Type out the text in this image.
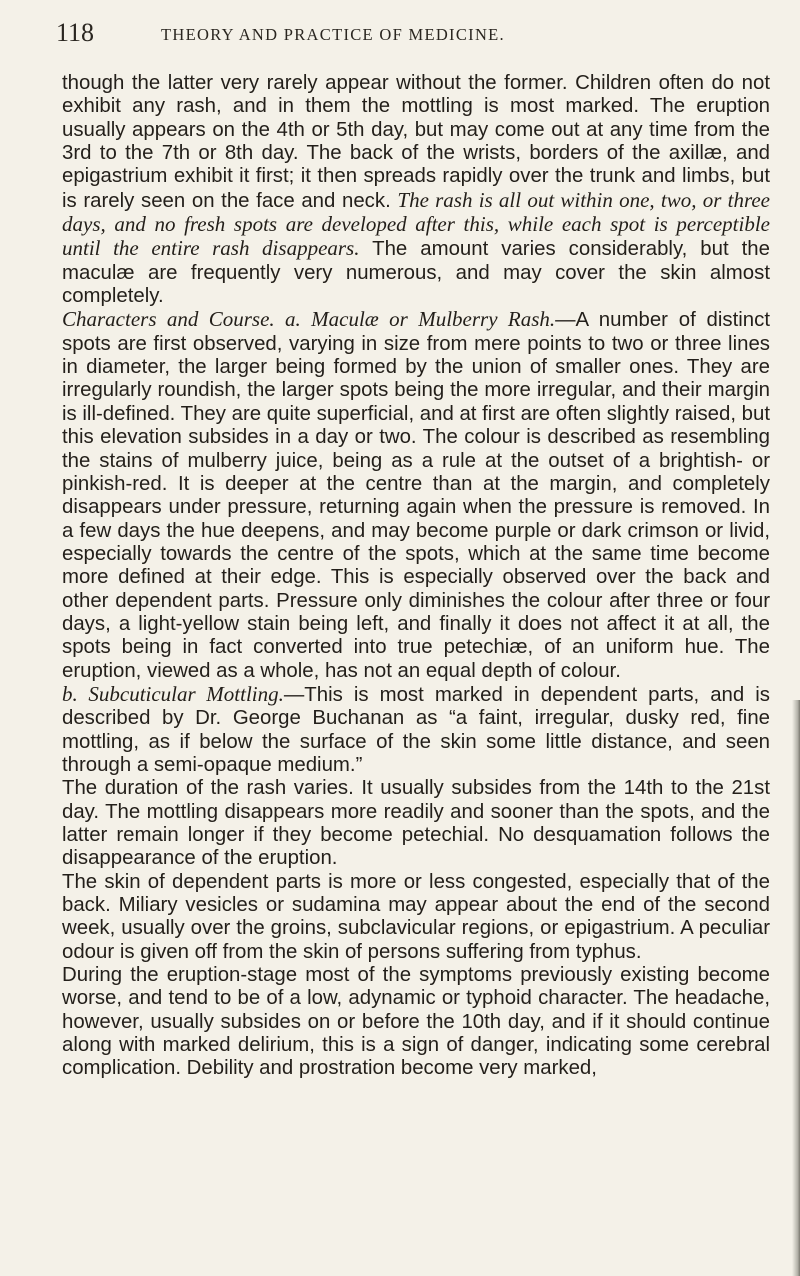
118	THEORY AND PRACTICE OF MEDICINE.

though the latter very rarely appear without the former. Children often do not exhibit any rash, and in them the mottling is most marked. The eruption usually appears on the 4th or 5th day, but may come out at any time from the 3rd to the 7th or 8th day. The back of the wrists, borders of the axillæ, and epigastrium exhibit it first; it then spreads rapidly over the trunk and limbs, but is rarely seen on the face and neck. The rash is all out within one, two, or three days, and no fresh spots are developed after this, while each spot is perceptible until the entire rash disappears. The amount varies considerably, but the maculæ are frequently very numerous, and may cover the skin almost completely.

Characters and Course. a. Maculæ or Mulberry Rash.—A number of distinct spots are first observed, varying in size from mere points to two or three lines in diameter, the larger being formed by the union of smaller ones. They are irregularly roundish, the larger spots being the more irregular, and their margin is ill-defined. They are quite superficial, and at first are often slightly raised, but this elevation subsides in a day or two. The colour is described as resembling the stains of mulberry juice, being as a rule at the outset of a brightish- or pinkish-red. It is deeper at the centre than at the margin, and completely disappears under pressure, returning again when the pressure is removed. In a few days the hue deepens, and may become purple or dark crimson or livid, especially towards the centre of the spots, which at the same time become more defined at their edge. This is especially observed over the back and other dependent parts. Pressure only diminishes the colour after three or four days, a light-yellow stain being left, and finally it does not affect it at all, the spots being in fact converted into true petechiæ, of an uniform hue. The eruption, viewed as a whole, has not an equal depth of colour.

b. Subcuticular Mottling.—This is most marked in dependent parts, and is described by Dr. George Buchanan as “a faint, irregular, dusky red, fine mottling, as if below the surface of the skin some little distance, and seen through a semi-opaque medium.”

The duration of the rash varies. It usually subsides from the 14th to the 21st day. The mottling disappears more readily and sooner than the spots, and the latter remain longer if they become petechial. No desquamation follows the disappearance of the eruption.

The skin of dependent parts is more or less congested, especially that of the back. Miliary vesicles or sudamina may appear about the end of the second week, usually over the groins, subclavicular regions, or epigastrium. A peculiar odour is given off from the skin of persons suffering from typhus.

During the eruption-stage most of the symptoms previously existing become worse, and tend to be of a low, adynamic or typhoid character. The headache, however, usually subsides on or before the 10th day, and if it should continue along with marked delirium, this is a sign of danger, indicating some cerebral complication. Debility and prostration become very marked,
